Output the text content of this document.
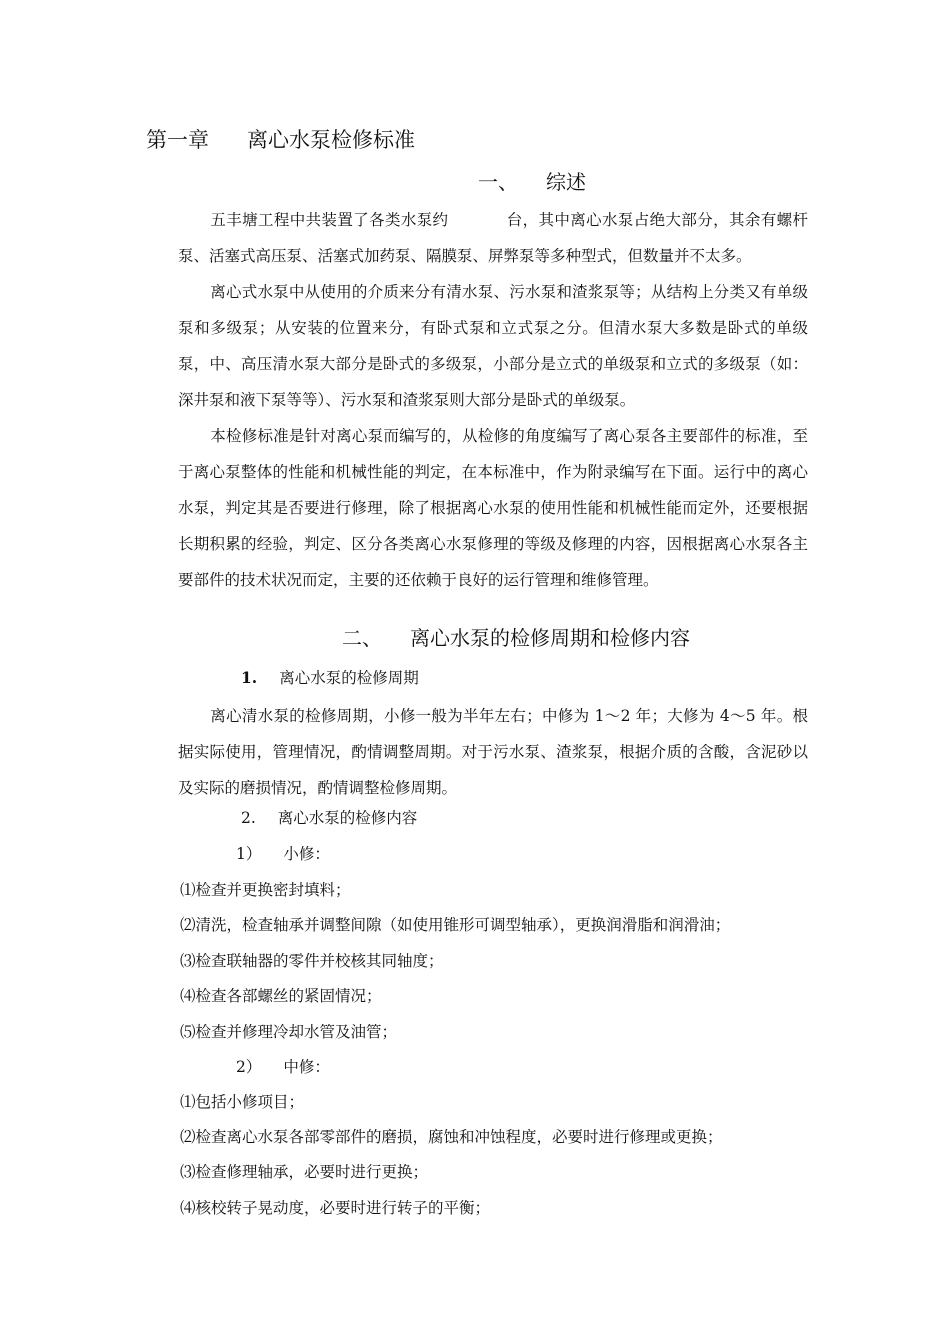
第一章 离心水泵检修标准
一、 综述
五丰塘工程中共装置了各类水泵约	台，其中离心水泵占绝大部分，其余有螺杆泵、活塞式高压泵、活塞式加药泵、隔膜泵、屏弊泵等多种型式，但数量并不太多。
离心式水泵中从使用的介质来分有清水泵、污水泵和渣浆泵等；从结构上分类又有单级泵和多级泵；从安装的位置来分，有卧式泵和立式泵之分。但清水泵大多数是卧式的单级泵，中、高压清水泵大部分是卧式的多级泵，小部分是立式的单级泵和立式的多级泵（如：深井泵和液下泵等等）、污水泵和渣浆泵则大部分是卧式的单级泵。
本检修标准是针对离心泵而编写的，从检修的角度编写了离心泵各主要部件的标准，至于离心泵整体的性能和机械性能的判定，在本标准中，作为附录编写在下面。运行中的离心水泵，判定其是否要进行修理，除了根据离心水泵的使用性能和机械性能而定外，还要根据长期积累的经验，判定、区分各类离心水泵修理的等级及修理的内容，因根据离心水泵各主要部件的技术状况而定，主要的还依赖于良好的运行管理和维修管理。
二、 离心水泵的检修周期和检修内容
1. 离心水泵的检修周期
离心清水泵的检修周期，小修一般为半年左右；中修为 1～2 年；大修为 4～5 年。根据实际使用，管理情况，酌情调整周期。对于污水泵、渣浆泵，根据介质的含酸，含泥砂以及实际的磨损情况，酌情调整检修周期。
2. 离心水泵的检修内容
1） 小修：
⑴检查并更换密封填料；
⑵清洗，检查轴承并调整间隙（如使用锥形可调型轴承），更换润滑脂和润滑油；
⑶检查联轴器的零件并校核其同轴度；
⑷检查各部螺丝的紧固情况；
⑸检查并修理冷却水管及油管；
2） 中修：
⑴包括小修项目；
⑵检查离心水泵各部零部件的磨损，腐蚀和冲蚀程度，必要时进行修理或更换；
⑶检查修理轴承，必要时进行更换；
⑷核校转子晃动度，必要时进行转子的平衡；
